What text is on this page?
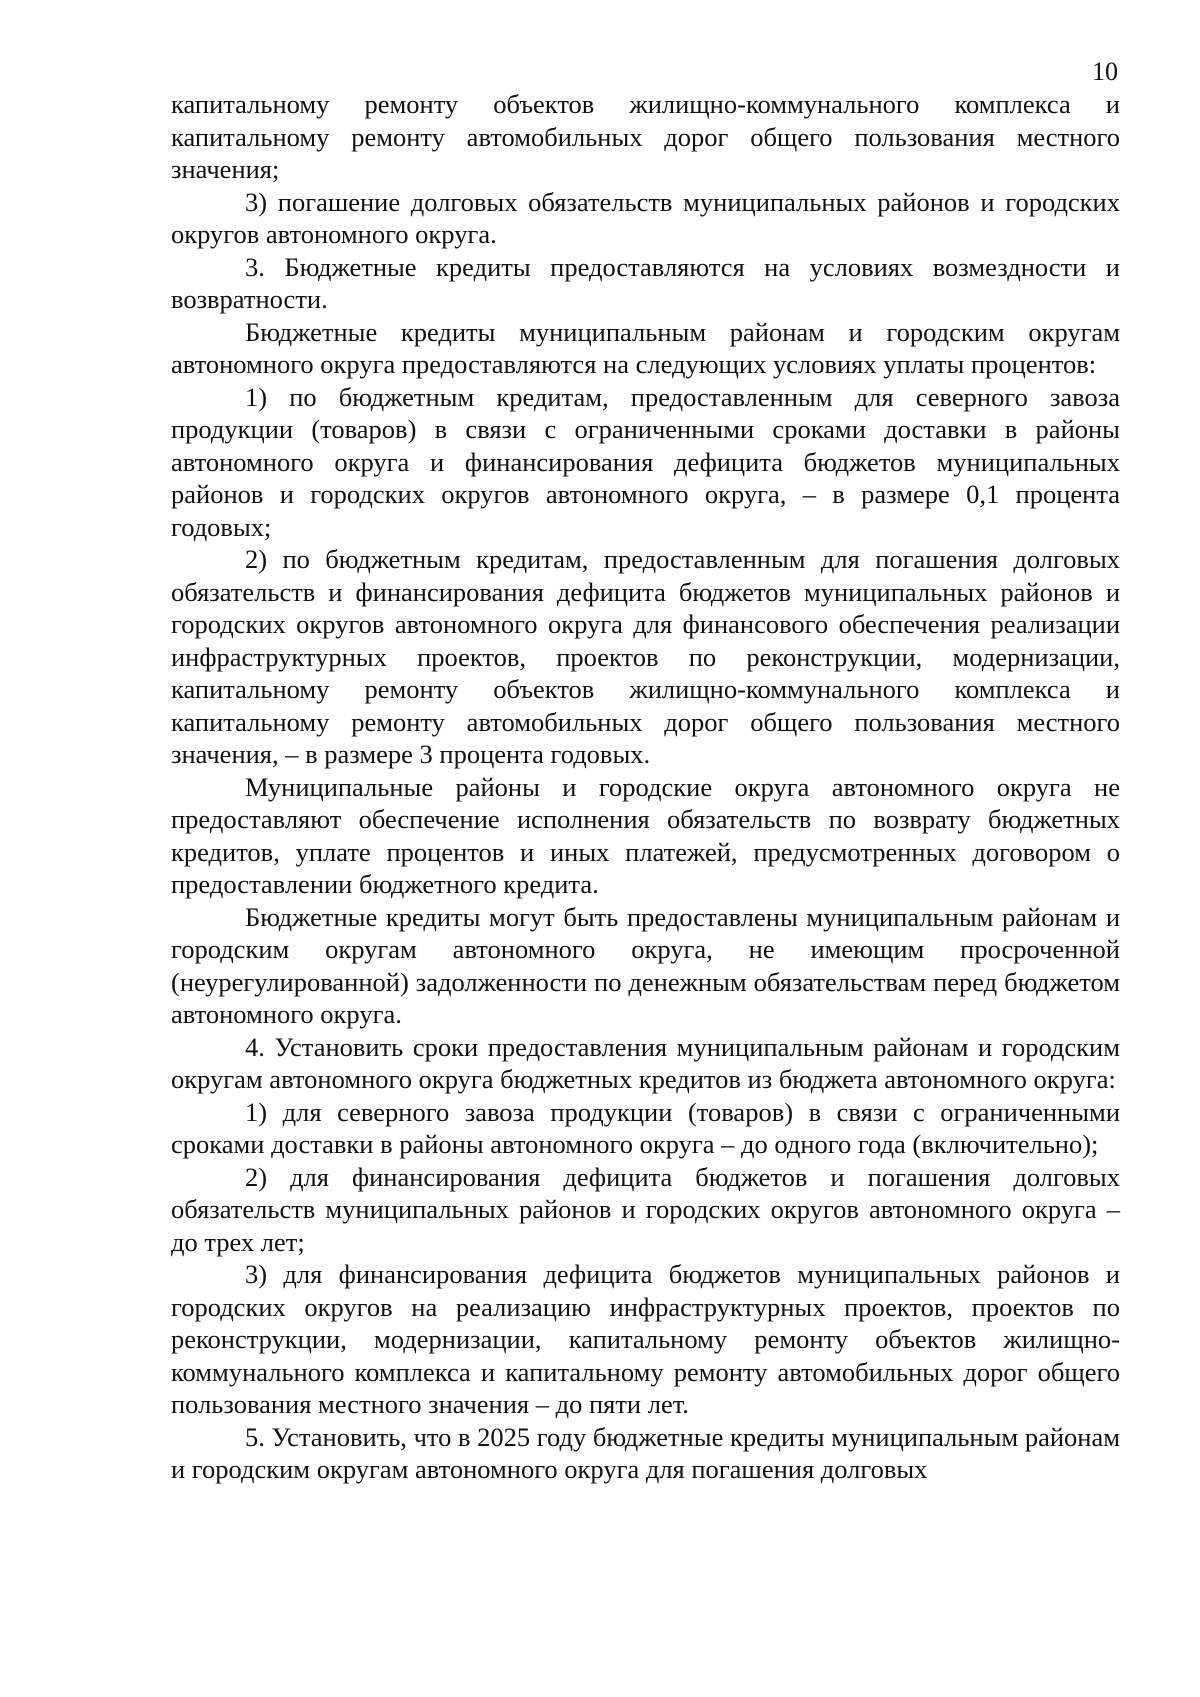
10

капитальному ремонту объектов жилищно-коммунального комплекса и капитальному ремонту автомобильных дорог общего пользования местного значения;

3) погашение долговых обязательств муниципальных районов и городских округов автономного округа.

3. Бюджетные кредиты предоставляются на условиях возмездности и возвратности.

Бюджетные кредиты муниципальным районам и городским округам автономного округа предоставляются на следующих условиях уплаты процентов:

1) по бюджетным кредитам, предоставленным для северного завоза продукции (товаров) в связи с ограниченными сроками доставки в районы автономного округа и финансирования дефицита бюджетов муниципальных районов и городских округов автономного округа, – в размере 0,1 процента годовых;

2) по бюджетным кредитам, предоставленным для погашения долговых обязательств и финансирования дефицита бюджетов муниципальных районов и городских округов автономного округа для финансового обеспечения реализации инфраструктурных проектов, проектов по реконструкции, модернизации, капитальному ремонту объектов жилищно-коммунального комплекса и капитальному ремонту автомобильных дорог общего пользования местного значения, – в размере 3 процента годовых.

Муниципальные районы и городские округа автономного округа не предоставляют обеспечение исполнения обязательств по возврату бюджетных кредитов, уплате процентов и иных платежей, предусмотренных договором о предоставлении бюджетного кредита.

Бюджетные кредиты могут быть предоставлены муниципальным районам и городским округам автономного округа, не имеющим просроченной (неурегулированной) задолженности по денежным обязательствам перед бюджетом автономного округа.

4. Установить сроки предоставления муниципальным районам и городским округам автономного округа бюджетных кредитов из бюджета автономного округа:

1) для северного завоза продукции (товаров) в связи с ограниченными сроками доставки в районы автономного округа – до одного года (включительно);

2) для финансирования дефицита бюджетов и погашения долговых обязательств муниципальных районов и городских округов автономного округа – до трех лет;

3) для финансирования дефицита бюджетов муниципальных районов и городских округов на реализацию инфраструктурных проектов, проектов по реконструкции, модернизации, капитальному ремонту объектов жилищно-коммунального комплекса и капитальному ремонту автомобильных дорог общего пользования местного значения – до пяти лет.

5. Установить, что в 2025 году бюджетные кредиты муниципальным районам и городским округам автономного округа для погашения долговых
